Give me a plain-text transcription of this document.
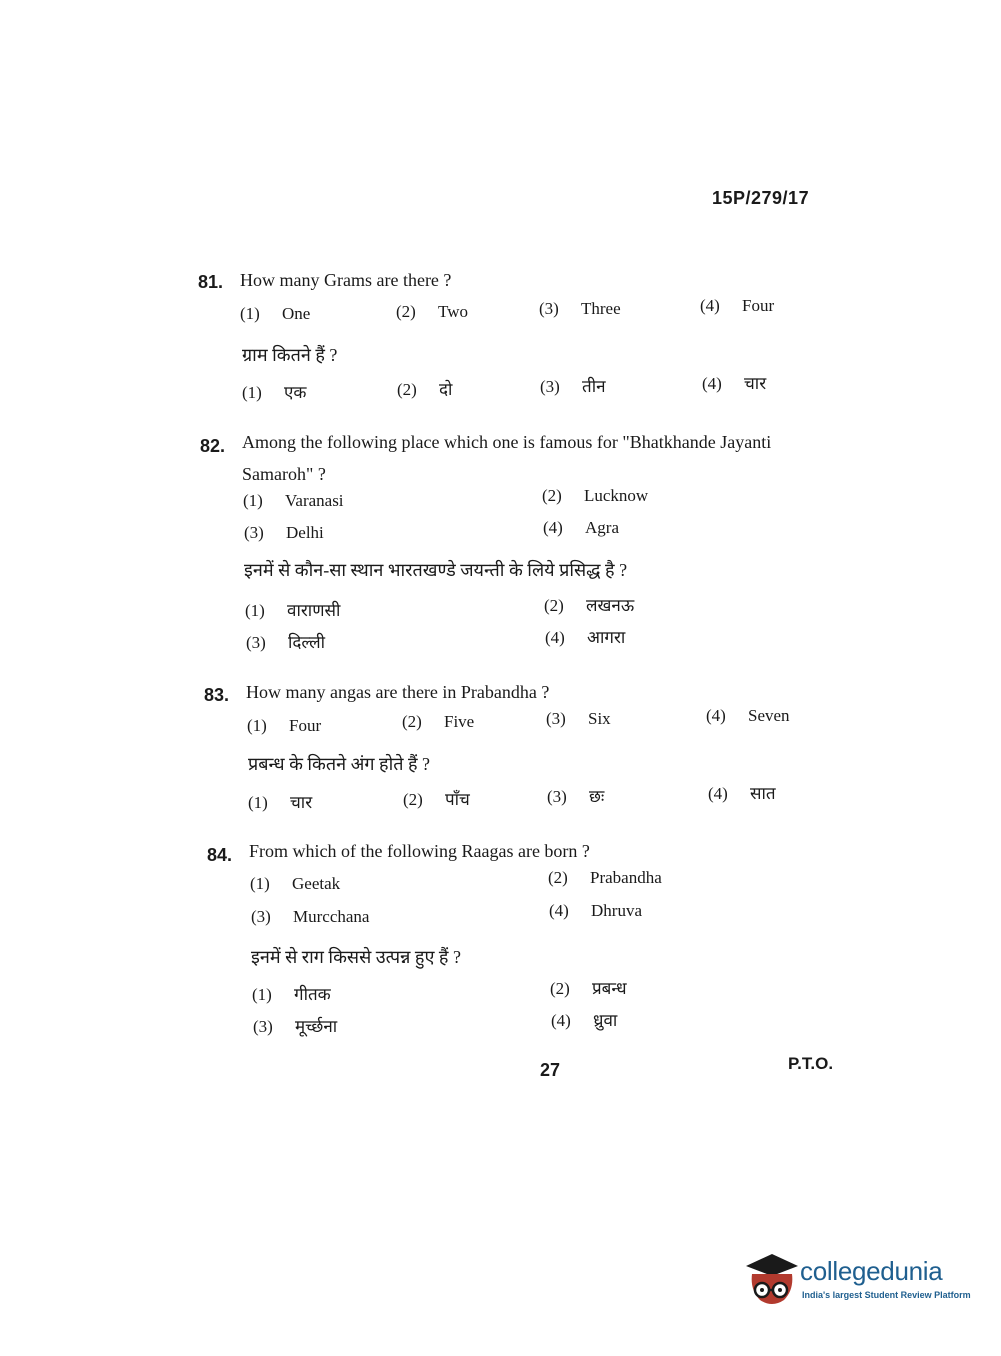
15P/279/17
81. How many Grams are there ?
(1) One	(2) Two	(3) Three	(4) Four
ग्राम कितने हैं ?
(1) एक	(2) दो	(3) तीन	(4) चार
82. Among the following place which one is famous for "Bhatkhande Jayanti Samaroh" ?
(1) Varanasi	(2) Lucknow
(3) Delhi	(4) Agra
इनमें से कौन-सा स्थान भारतखण्डे जयन्ती के लिये प्रसिद्ध है ?
(1) वाराणसी	(2) लखनऊ
(3) दिल्ली	(4) आगरा
83. How many angas are there in Prabandha ?
(1) Four	(2) Five	(3) Six	(4) Seven
प्रबन्ध के कितने अंग होते हैं ?
(1) चार	(2) पाँच	(3) छः	(4) सात
84. From which of the following Raagas are born ?
(1) Geetak	(2) Prabandha
(3) Murcchana	(4) Dhruva
इनमें से राग किससे उत्पन्न हुए हैं ?
(1) गीतक	(2) प्रबन्ध
(3) मूर्च्छना	(4) ध्रुवा
27	P.T.O.
collegedunia
India's largest Student Review Platform
